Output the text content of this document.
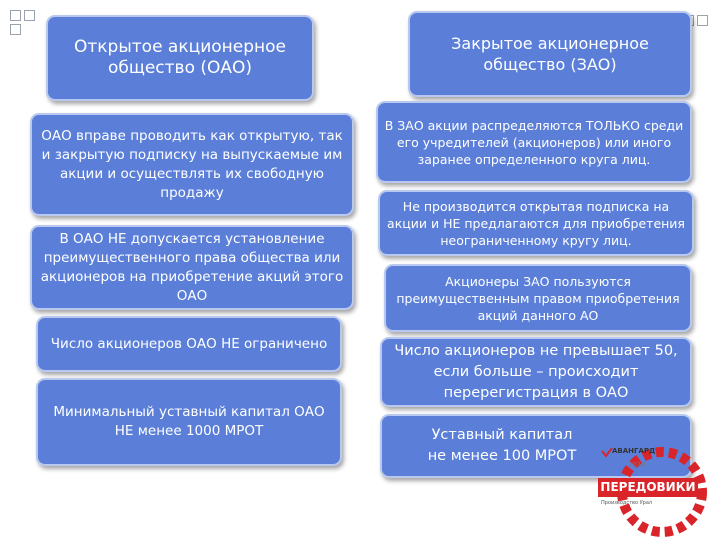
Открытое акционерное общество (ОАО)
ОАО вправе проводить как открытую, так и закрытую подписку на выпускаемые им акции и осуществлять их свободную продажу
В ОАО НЕ допускается установление преимущественного права общества или акционеров на приобретение акций этого ОАО
Число акционеров ОАО НЕ ограничено
Минимальный уставный капитал ОАО НЕ менее 1000 МРОТ
Закрытое акционерное общество (ЗАО)
В ЗАО акции распределяются ТОЛЬКО среди его учредителей (акционеров) или иного заранее определенного круга лиц.
Не производится открытая подписка на акции и НЕ предлагаются для приобретения неограниченному кругу лиц.
Акционеры ЗАО пользуются преимущественным правом приобретения акций данного АО
Число акционеров не превышает 50, если больше – происходит перерегистрация в ОАО
Уставный капитал не менее 100 МРОТ	АВАНГАРД
2013
ПЕРЕДОВИКИ
Производство Урал
